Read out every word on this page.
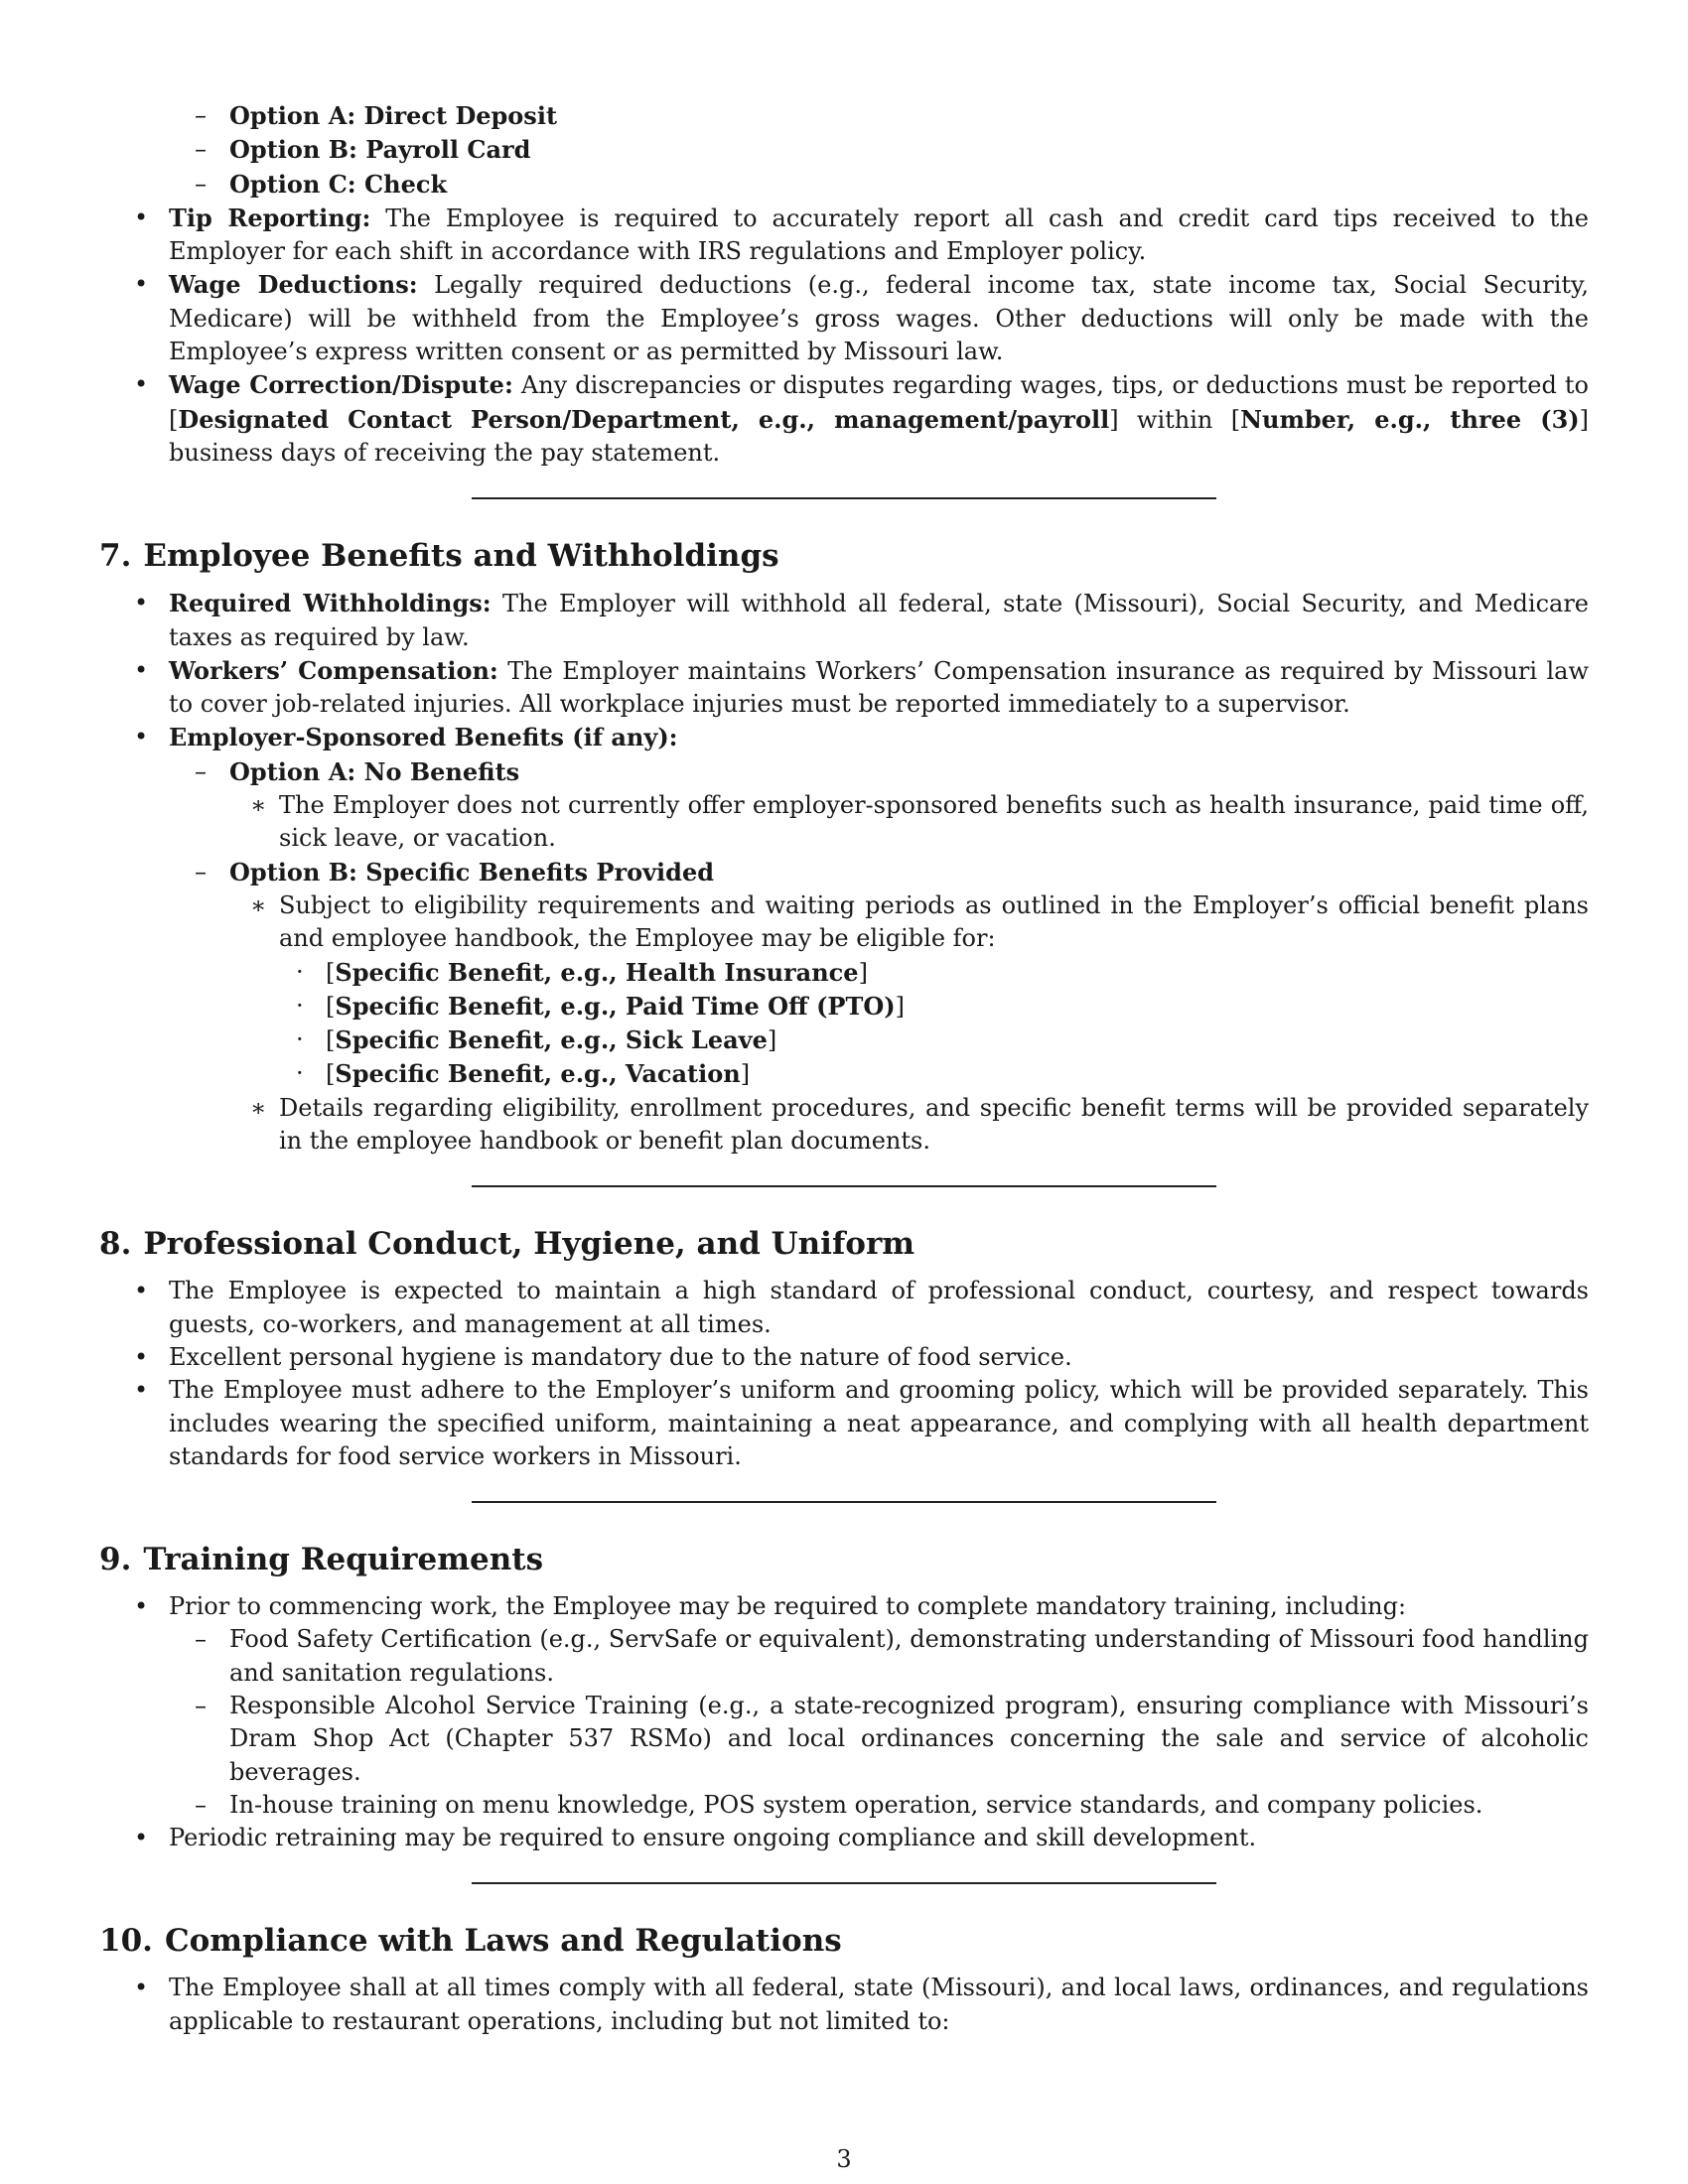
– Option A: Direct Deposit
– Option B: Payroll Card
– Option C: Check
• Tip Reporting: The Employee is required to accurately report all cash and credit card tips received to the Employer for each shift in accordance with IRS regulations and Employer policy.
• Wage Deductions: Legally required deductions (e.g., federal income tax, state income tax, Social Security, Medicare) will be withheld from the Employee’s gross wages. Other deductions will only be made with the Employee’s express written consent or as permitted by Missouri law.
• Wage Correction/Dispute: Any discrepancies or disputes regarding wages, tips, or deductions must be reported to [Designated Contact Person/Department, e.g., management/payroll] within [Number, e.g., three (3)] business days of receiving the pay statement.
7. Employee Benefits and Withholdings
• Required Withholdings: The Employer will withhold all federal, state (Missouri), Social Security, and Medicare taxes as required by law.
• Workers’ Compensation: The Employer maintains Workers’ Compensation insurance as required by Missouri law to cover job-related injuries. All workplace injuries must be reported immediately to a supervisor.
• Employer-Sponsored Benefits (if any):
– Option A: No Benefits
∗ The Employer does not currently offer employer-sponsored benefits such as health insurance, paid time off, sick leave, or vacation.
– Option B: Specific Benefits Provided
∗ Subject to eligibility requirements and waiting periods as outlined in the Employer’s official benefit plans and employee handbook, the Employee may be eligible for:
· [Specific Benefit, e.g., Health Insurance]
· [Specific Benefit, e.g., Paid Time Off (PTO)]
· [Specific Benefit, e.g., Sick Leave]
· [Specific Benefit, e.g., Vacation]
∗ Details regarding eligibility, enrollment procedures, and specific benefit terms will be provided separately in the employee handbook or benefit plan documents.
8. Professional Conduct, Hygiene, and Uniform
• The Employee is expected to maintain a high standard of professional conduct, courtesy, and respect towards guests, co-workers, and management at all times.
• Excellent personal hygiene is mandatory due to the nature of food service.
• The Employee must adhere to the Employer’s uniform and grooming policy, which will be provided separately. This includes wearing the specified uniform, maintaining a neat appearance, and complying with all health department standards for food service workers in Missouri.
9. Training Requirements
• Prior to commencing work, the Employee may be required to complete mandatory training, including:
– Food Safety Certification (e.g., ServSafe or equivalent), demonstrating understanding of Missouri food handling and sanitation regulations.
– Responsible Alcohol Service Training (e.g., a state-recognized program), ensuring compliance with Missouri’s Dram Shop Act (Chapter 537 RSMo) and local ordinances concerning the sale and service of alcoholic beverages.
– In-house training on menu knowledge, POS system operation, service standards, and company policies.
• Periodic retraining may be required to ensure ongoing compliance and skill development.
10. Compliance with Laws and Regulations
• The Employee shall at all times comply with all federal, state (Missouri), and local laws, ordinances, and regulations applicable to restaurant operations, including but not limited to:
3
